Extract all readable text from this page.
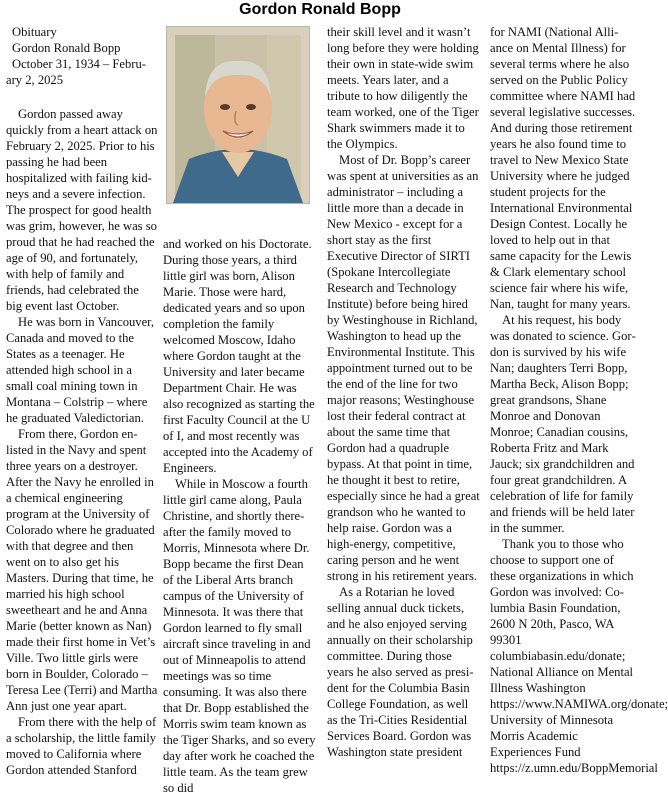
Gordon Ronald Bopp

Obituary

Gordon Ronald Bopp

October 31, 1934 – Febru-
ary 2, 2025

Gordon passed away quickly from a heart attack on February 2, 2025. Prior to his passing he had been hospitalized with failing kidneys and a severe infection. The prospect for good health was grim, however, he was so proud that he had reached the age of 90, and fortunately, with help of family and friends, had celebrated the big event last October.

He was born in Vancouver, Canada and moved to the States as a teenager. He attended high school in a small coal mining town in Montana – Colstrip – where he graduated Valedictorian.

From there, Gordon enlisted in the Navy and spent three years on a destroyer. After the Navy he enrolled in a chemical engineering program at the University of Colorado where he graduated with that degree and then went on to also get his Masters. During that time, he married his high school sweetheart and he and Anna Marie (better known as Nan) made their first home in Vet’s Ville. Two little girls were born in Boulder, Colorado – Teresa Lee (Terri) and Martha Ann just one year apart.

From there with the help of a scholarship, the little family moved to California where Gordon attended Stanford

and worked on his Doctorate. During those years, a third little girl was born, Alison Marie. Those were hard, dedicated years and so upon completion the family welcomed Moscow, Idaho where Gordon taught at the University and later became Department Chair. He was also recognized as starting the first Faculty Council at the U of I, and most recently was accepted into the Academy of Engineers.

While in Moscow a fourth little girl came along, Paula Christine, and shortly thereafter the family moved to Morris, Minnesota where Dr. Bopp became the first Dean of the Liberal Arts branch campus of the University of Minnesota. It was there that Gordon learned to fly small aircraft since traveling in and out of Minneapolis to attend meetings was so time consuming. It was also there that Dr. Bopp established the Morris swim team known as the Tiger Sharks, and so every day after work he coached the little team. As the team grew so did

their skill level and it wasn’t long before they were holding their own in state-wide swim meets. Years later, and a tribute to how diligently the team worked, one of the Tiger Shark swimmers made it to the Olympics.

Most of Dr. Bopp’s career was spent at universities as an administrator – including a little more than a decade in New Mexico - except for a short stay as the first Executive Director of SIRTI (Spokane Intercollegiate Research and Technology Institute) before being hired by Westinghouse in Richland, Washington to head up the Environmental Institute. This appointment turned out to be the end of the line for two major reasons; Westinghouse lost their federal contract at about the same time that Gordon had a quadruple bypass. At that point in time, he thought it best to retire, especially since he had a great grandson who he wanted to help raise. Gordon was a high-energy, competitive, caring person and he went strong in his retirement years.

As a Rotarian he loved selling annual duck tickets, and he also enjoyed serving annually on their scholarship committee. During those years he also served as president for the Columbia Basin College Foundation, as well as the Tri-Cities Residential Services Board. Gordon was Washington state president

for NAMI (National Alliance on Mental Illness) for several terms where he also served on the Public Policy committee where NAMI had several legislative successes. And during those retirement years he also found time to travel to New Mexico State University where he judged student projects for the International Environmental Design Contest. Locally he loved to help out in that same capacity for the Lewis & Clark elementary school science fair where his wife, Nan, taught for many years.

At his request, his body was donated to science. Gordon is survived by his wife Nan; daughters Terri Bopp, Martha Beck, Alison Bopp; great grandsons, Shane Monroe and Donovan Monroe; Canadian cousins, Roberta Fritz and Mark Jauck; six grandchildren and four great grandchildren. A celebration of life for family and friends will be held later in the summer.

Thank you to those who choose to support one of these organizations in which Gordon was involved: Columbia Basin Foundation, 2600 N 20th, Pasco, WA 99301 columbiabasin.edu/donate; National Alliance on Mental Illness Washington https://www.NAMIWA.org/donate; University of Minnesota Morris Academic Experiences Fund https://z.umn.edu/BoppMemorial
